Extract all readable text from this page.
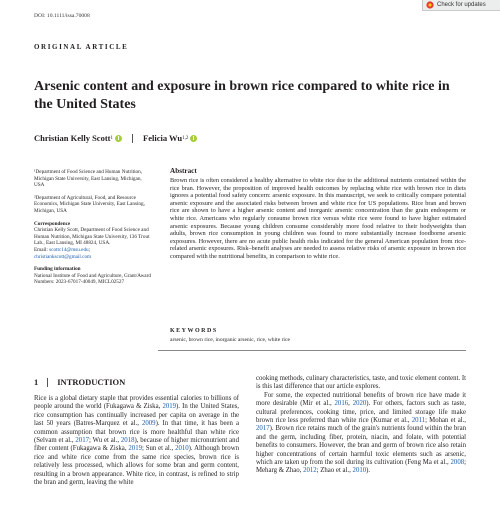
DOI: 10.1111/issa.70008
Check for updates
ORIGINAL ARTICLE
Arsenic content and exposure in brown rice compared to white rice in the United States
Christian Kelly Scott 1	Felicia Wu 1,2
¹Department of Food Science and Human Nutrition, Michigan State University, East Lansing, Michigan, USA
²Department of Agricultural, Food, and Resource Economics, Michigan State University, East Lansing, Michigan, USA
Correspondence
Christian Kelly Scott, Department of Food Science and Human Nutrition, Michigan State University, 136 Trout Lab., East Lansing, MI 48824, USA.
Email: scottc14@msu.edu;
christiankscott@gmail.com
Funding information
National Institute of Food and Agriculture, Grant/Award Numbers: 2023-67017-40049, MICL02527
Abstract
Brown rice is often considered a healthy alternative to white rice due to the additional nutrients contained within the rice bran. However, the proposition of improved health outcomes by replacing white rice with brown rice in diets ignores a potential food safety concern: arsenic exposure. In this manuscript, we seek to critically compare potential arsenic exposure and the associated risks between brown and white rice for US populations. Rice bran and brown rice are shown to have a higher arsenic content and inorganic arsenic concentration than the grain endosperm or white rice. Americans who regularly consume brown rice versus white rice were found to have higher estimated arsenic exposures. Because young children consume considerably more food relative to their bodyweights than adults, brown rice consumption in young children was found to more substantially increase foodborne arsenic exposures. However, there are no acute public health risks indicated for the general American population from rice-related arsenic exposures. Risk–benefit analyses are needed to assess relative risks of arsenic exposure in brown rice compared with the nutritional benefits, in comparison to white rice.
KEYWORDS
arsenic, brown rice, inorganic arsenic, rice, white rice
1 INTRODUCTION

Rice is a global dietary staple that provides essential calories to billions of people around the world (Fukagawa & Ziska, 2019). In the United States, rice consumption has continually increased per capita on average in the last 50 years (Batres-Marquez et al., 2009). In that time, it has been a common assumption that brown rice is more healthful than white rice (Selvam et al., 2017; Wu et al., 2018), because of higher micronutrient and fiber content (Fukagawa & Ziska, 2019; Sun et al., 2010). Although brown rice and white rice come from the same rice species, brown rice is relatively less processed, which allows for some bran and germ content, resulting in a brown appearance. White rice, in contrast, is refined to strip the bran and germ, leaving the white

cooking methods, culinary characteristics, taste, and toxic element content. It is this last difference that our article explores.

For some, the expected nutritional benefits of brown rice have made it more desirable (Mir et al., 2016, 2020). For others, factors such as taste, cultural preferences, cooking time, price, and limited storage life make brown rice less preferred than white rice (Kumar et al., 2011; Mohan et al., 2017). Brown rice retains much of the grain's nutrients found within the bran and the germ, including fiber, protein, niacin, and folate, with potential benefits to consumers. However, the bran and germ of brown rice also retain higher concentrations of certain harmful toxic elements such as arsenic, which are taken up from the soil during its cultivation (Feng Ma et al., 2008; Meharg & Zhao, 2012; Zhao et al., 2010).
